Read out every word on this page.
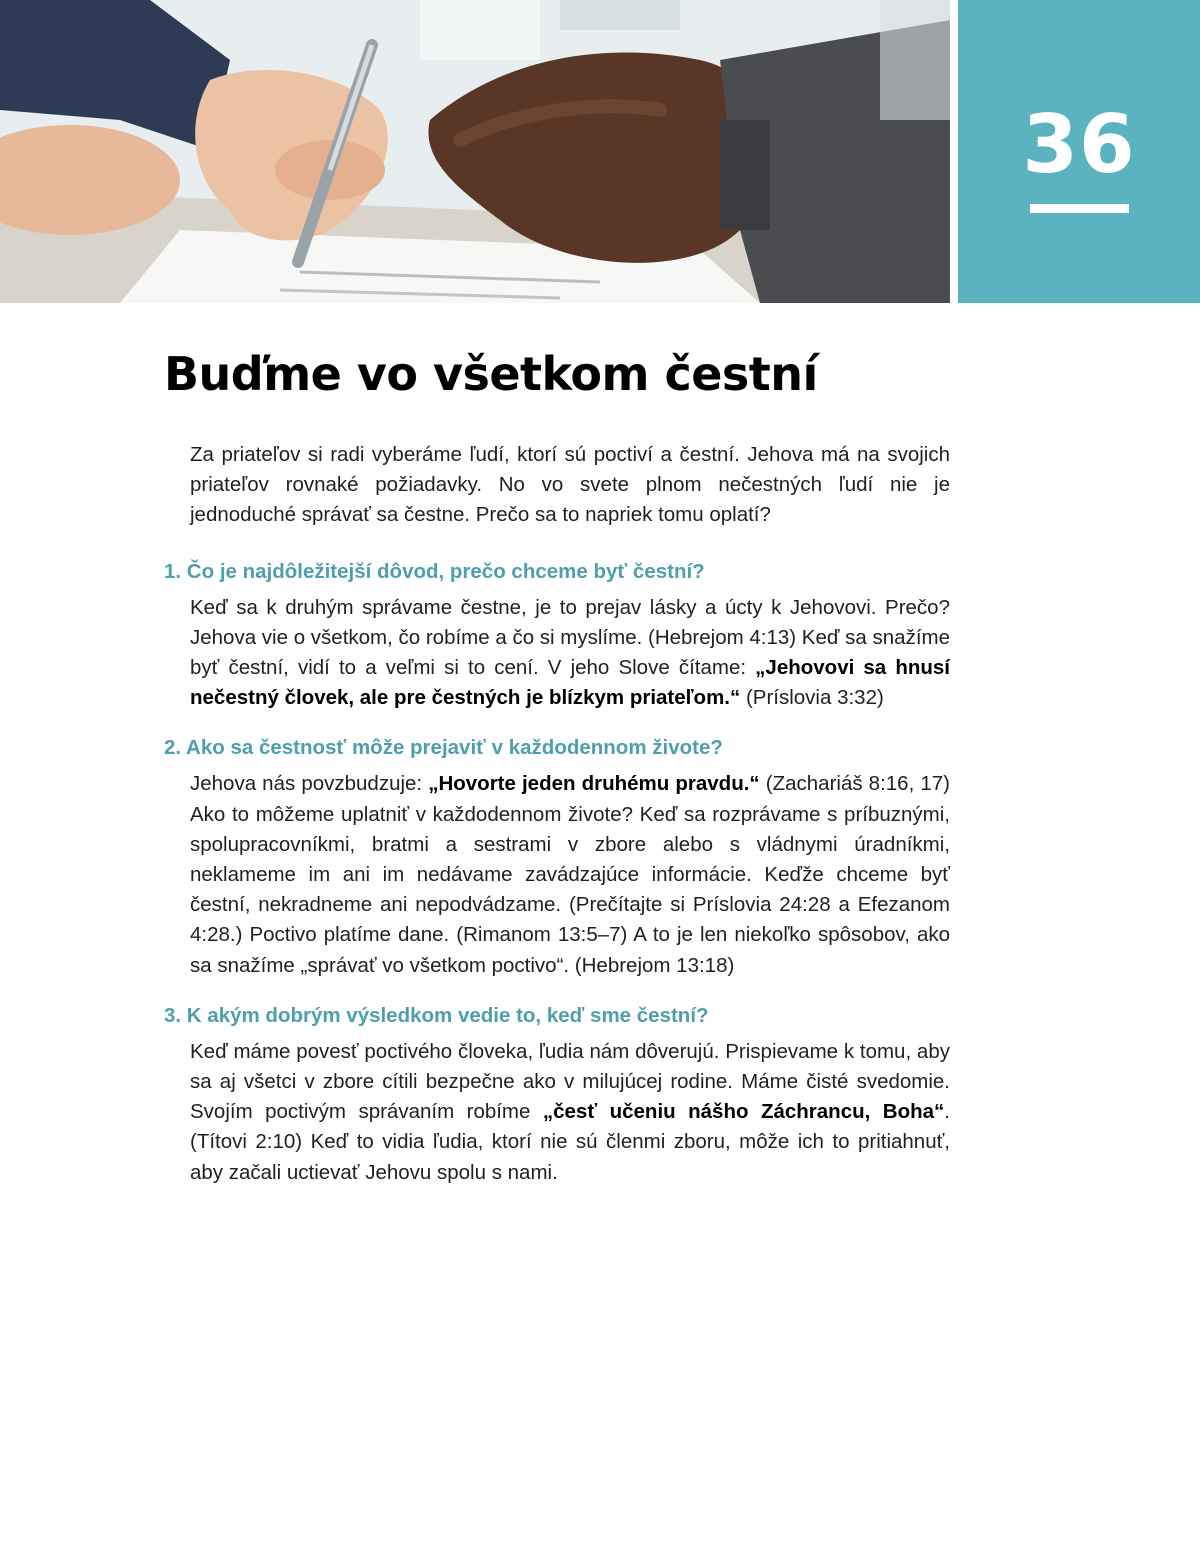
36
Buďme vo všetkom čestní

Za priateľov si radi vyberáme ľudí, ktorí sú poctiví a čestní. Jehova má na svojich priateľov rovnaké požiadavky. No vo svete plnom nečestných ľudí nie je jednoduché správať sa čestne. Prečo sa to napriek tomu oplatí?

1. Čo je najdôležitejší dôvod, prečo chceme byť čestní?

Keď sa k druhým správame čestne, je to prejav lásky a úcty k Jehovovi. Prečo? Jehova vie o všetkom, čo robíme a čo si myslíme. (Hebrejom 4:13) Keď sa snažíme byť čestní, vidí to a veľmi si to cení. V jeho Slove čítame: „Jehovovi sa hnusí nečestný človek, ale pre čestných je blízkym priateľom.“ (Príslovia 3:32)

2. Ako sa čestnosť môže prejaviť v každodennom živote?

Jehova nás povzbudzuje: „Hovorte jeden druhému pravdu.“ (Zachariáš 8:16, 17) Ako to môžeme uplatniť v každodennom živote? Keď sa rozprávame s príbuznými, spolupracovníkmi, bratmi a sestrami v zbore alebo s vládnymi úradníkmi, neklameme im ani im nedávame zavádzajúce informácie. Keďže chceme byť čestní, nekradneme ani nepodvádzame. (Prečítajte si Príslovia 24:28 a Efezanom 4:28.) Poctivo platíme dane. (Rimanom 13:5–7) A to je len niekoľko spôsobov, ako sa snažíme „správať vo všetkom poctivo“. (Hebrejom 13:18)

3. K akým dobrým výsledkom vedie to, keď sme čestní?

Keď máme povesť poctivého človeka, ľudia nám dôverujú. Prispievame k tomu, aby sa aj všetci v zbore cítili bezpečne ako v milujúcej rodine. Máme čisté svedomie. Svojím poctivým správaním robíme „česť učeniu nášho Záchrancu, Boha“. (Títovi 2:10) Keď to vidia ľudia, ktorí nie sú členmi zboru, môže ich to pritiahnuť, aby začali uctievať Jehovu spolu s nami.
